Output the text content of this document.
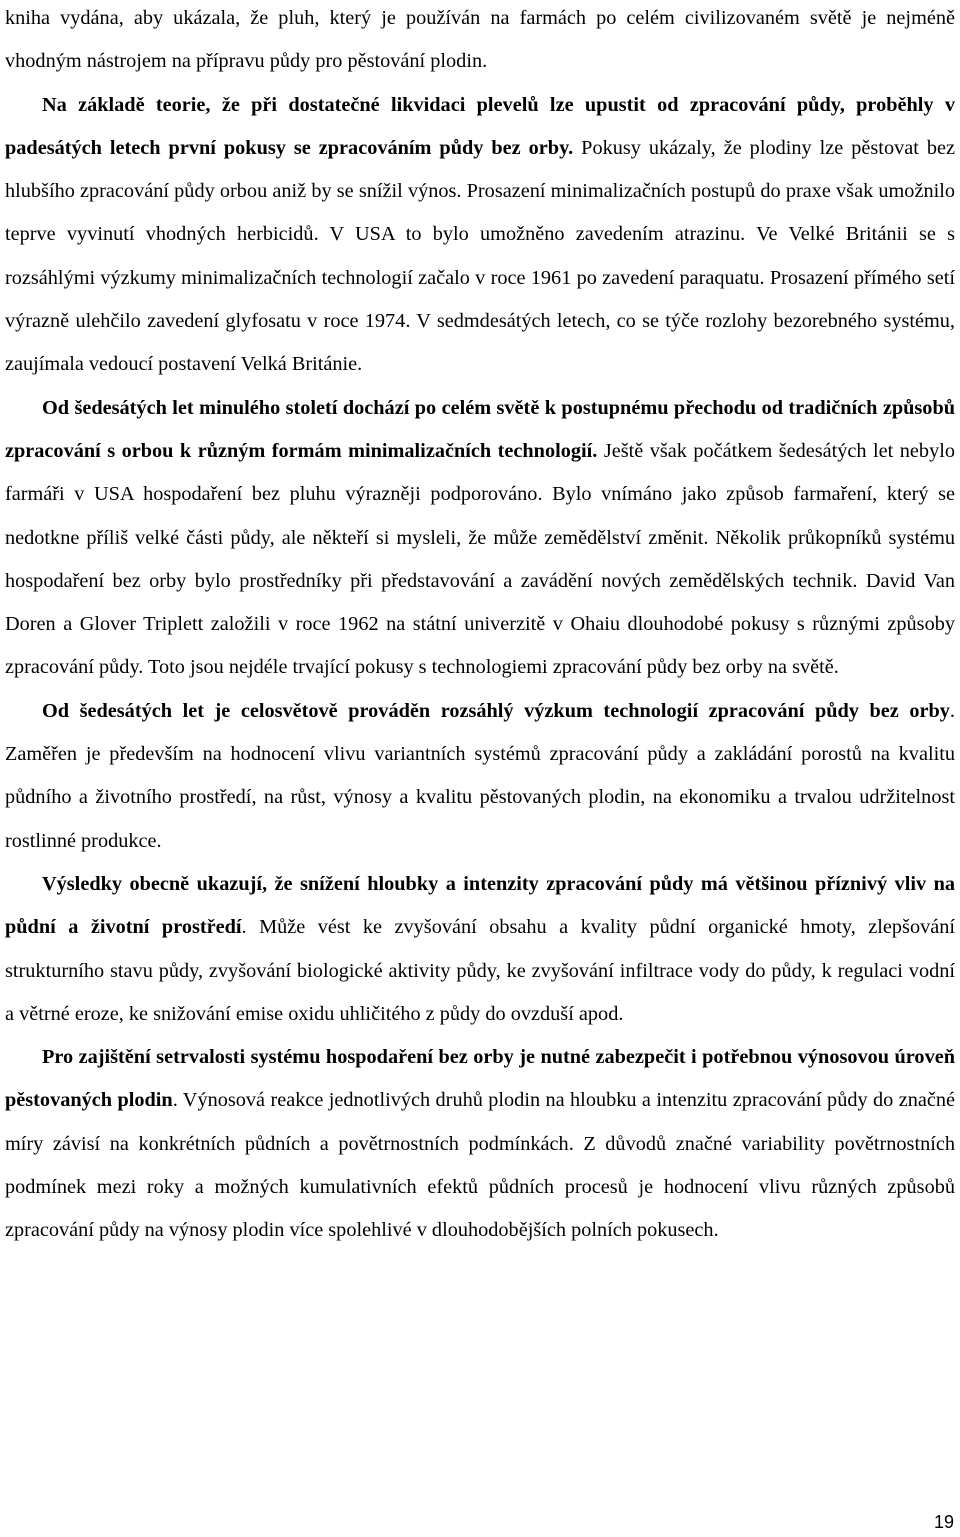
kniha vydána, aby ukázala, že pluh, který je používán na farmách po celém civilizovaném světě je nejméně vhodným nástrojem na přípravu půdy pro pěstování plodin.

Na základě teorie, že při dostatečné likvidaci plevelů lze upustit od zpracování půdy, proběhly v padesátých letech první pokusy se zpracováním půdy bez orby. Pokusy ukázaly, že plodiny lze pěstovat bez hlubšího zpracování půdy orbou aniž by se snížil výnos. Prosazení minimalizačních postupů do praxe však umožnilo teprve vyvinutí vhodných herbicidů. V USA to bylo umožněno zavedením atrazinu. Ve Velké Británii se s rozsáhlými výzkumy minimalizačních technologií začalo v roce 1961 po zavedení paraquatu. Prosazení přímého setí výrazně ulehčilo zavedení glyfosatu v roce 1974. V sedmdesátých letech, co se týče rozlohy bezorebného systému, zaujímala vedoucí postavení Velká Británie.

Od šedesátých let minulého století dochází po celém světě k postupnému přechodu od tradičních způsobů zpracování s orbou k různým formám minimalizačních technologií. Ještě však počátkem šedesátých let nebylo farmáři v USA hospodaření bez pluhu výrazněji podporováno. Bylo vnímáno jako způsob farmaření, který se nedotkne příliš velké části půdy, ale někteří si mysleli, že může zemědělství změnit. Několik průkopníků systému hospodaření bez orby bylo prostředníky při představování a zavádění nových zemědělských technik. David Van Doren a Glover Triplett založili v roce 1962 na státní univerzitě v Ohaiu dlouhodobé pokusy s různými způsoby zpracování půdy. Toto jsou nejdéle trvající pokusy s technologiemi zpracování půdy bez orby na světě.

Od šedesátých let je celosvětově prováděn rozsáhlý výzkum technologií zpracování půdy bez orby. Zaměřen je především na hodnocení vlivu variantních systémů zpracování půdy a zakládání porostů na kvalitu půdního a životního prostředí, na růst, výnosy a kvalitu pěstovaných plodin, na ekonomiku a trvalou udržitelnost rostlinné produkce.

Výsledky obecně ukazují, že snížení hloubky a intenzity zpracování půdy má většinou příznivý vliv na půdní a životní prostředí. Může vést ke zvyšování obsahu a kvality půdní organické hmoty, zlepšování strukturního stavu půdy, zvyšování biologické aktivity půdy, ke zvyšování infiltrace vody do půdy, k regulaci vodní a větrné eroze, ke snižování emise oxidu uhličitého z půdy do ovzduší apod.

Pro zajištění setrvalosti systému hospodaření bez orby je nutné zabezpečit i potřebnou výnosovou úroveň pěstovaných plodin. Výnosová reakce jednotlivých druhů plodin na hloubku a intenzitu zpracování půdy do značné míry závisí na konkrétních půdních a povětrnostních podmínkách. Z důvodů značné variability povětrnostních podmínek mezi roky a možných kumulativních efektů půdních procesů je hodnocení vlivu různých způsobů zpracování půdy na výnosy plodin více spolehlivé v dlouhodobějších polních pokusech.

19
